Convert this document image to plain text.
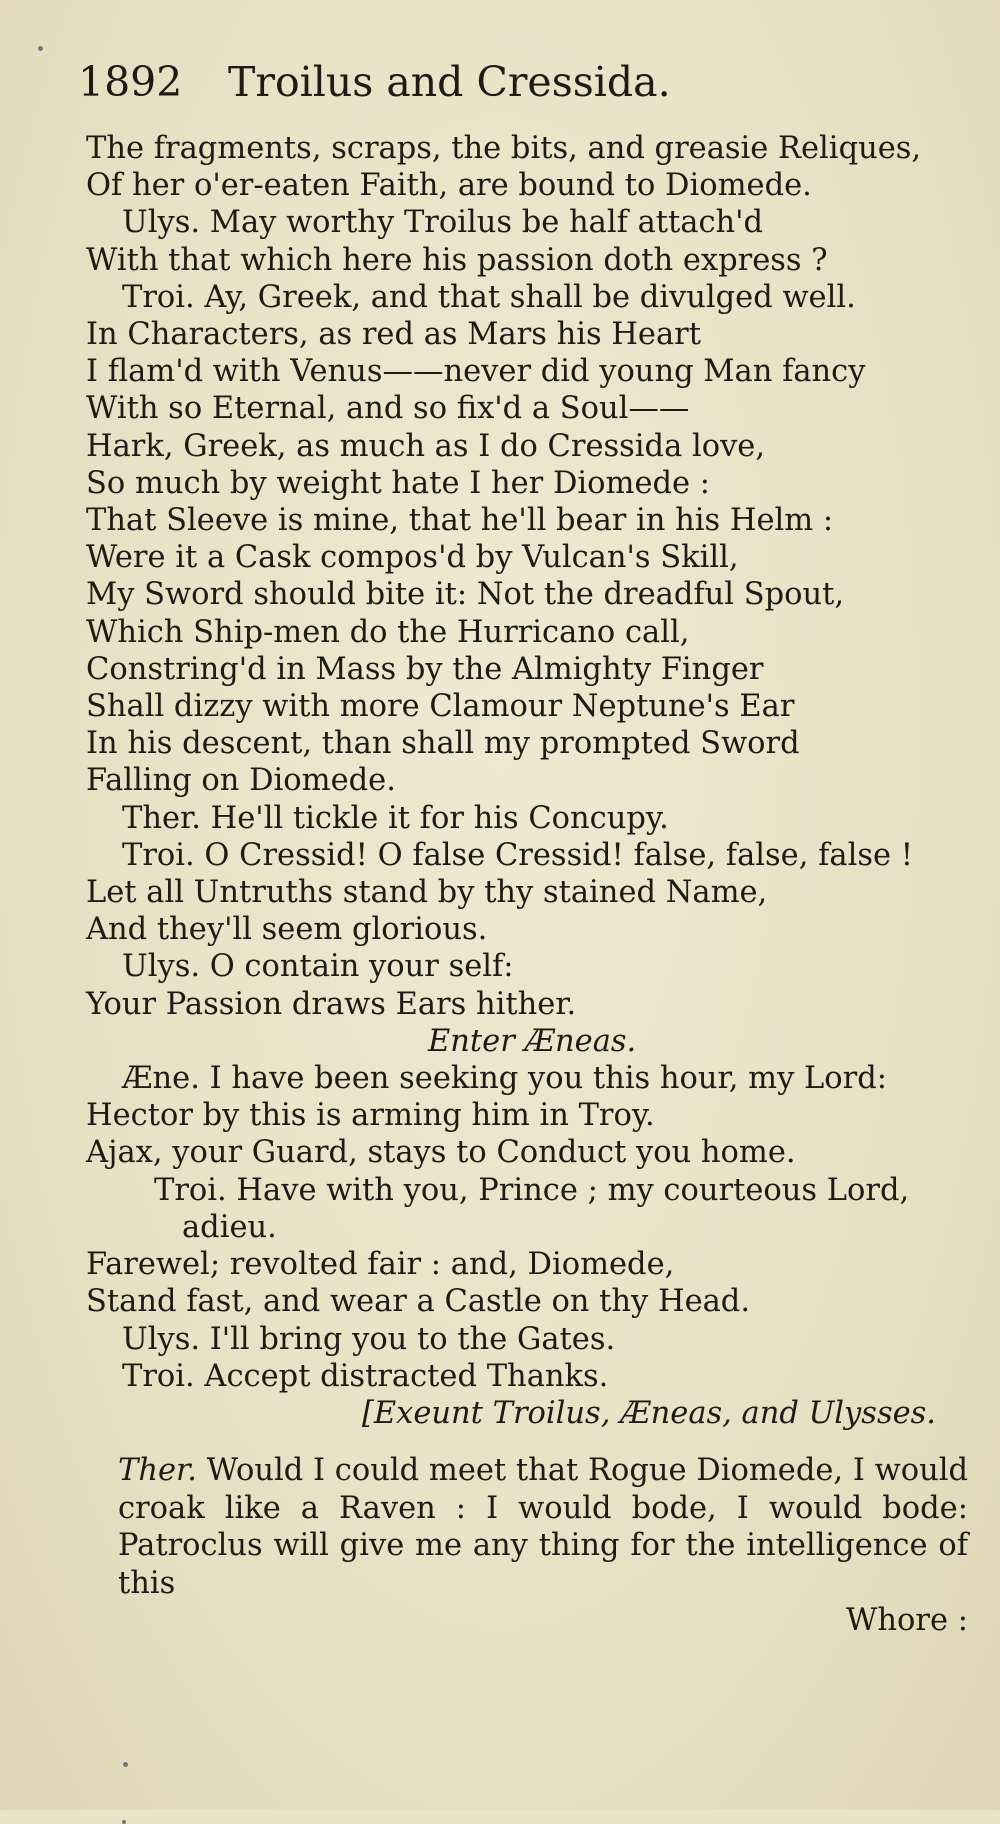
1892 Troilus and Cressida.
The fragments, scraps, the bits, and greasie Reliques,
Of her o'er-eaten Faith, are bound to Diomede.
Ulys. May worthy Troilus be half attach'd
With that which here his passion doth express ?
Troi. Ay, Greek, and that shall be divulged well.
In Characters, as red as Mars his Heart
I flam'd with Venus——never did young Man fancy
With so Eternal, and so fix'd a Soul——
Hark, Greek, as much as I do Cressida love,
So much by weight hate I her Diomede :
That Sleeve is mine, that he'll bear in his Helm :
Were it a Cask compos'd by Vulcan's Skill,
My Sword should bite it: Not the dreadful Spout,
Which Ship-men do the Hurricano call,
Constring'd in Mass by the Almighty Finger
Shall dizzy with more Clamour Neptune's Ear
In his descent, than shall my prompted Sword
Falling on Diomede.
Ther. He'll tickle it for his Concupy.
Troi. O Cressid! O false Cressid! false, false, false !
Let all Untruths stand by thy stained Name,
And they'll seem glorious.
Ulys. O contain your self:
Your Passion draws Ears hither.
Enter Æneas.
Æne. I have been seeking you this hour, my Lord:
Hector by this is arming him in Troy.
Ajax, your Guard, stays to Conduct you home.
Troi. Have with you, Prince ; my courteous Lord,
adieu.
Farewel; revolted fair : and, Diomede,
Stand fast, and wear a Castle on thy Head.
Ulys. I'll bring you to the Gates.
Troi. Accept distracted Thanks.
[Exeunt Troilus, Æneas, and Ulysses.
Ther. Would I could meet that Rogue Diomede, I would croak like a Raven : I would bode, I would bode: Patroclus will give me any thing for the intelligence of this
Whore :
